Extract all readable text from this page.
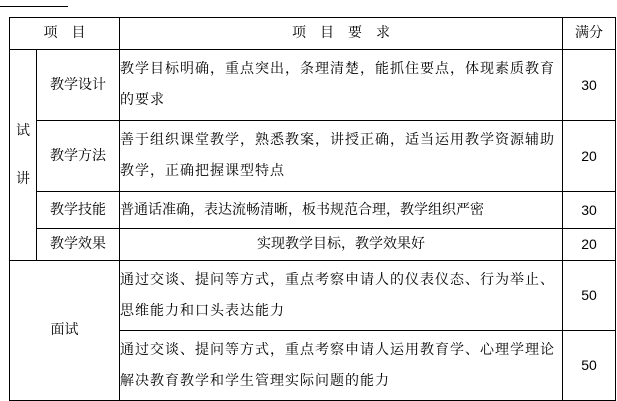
项　目		项　目　要　求	满分

试
讲	教学设计	教学目标明确，重点突出，条理清楚，能抓住要点，体现素质教育的要求	30
	教学方法	善于组织课堂教学，熟悉教案，讲授正确，适当运用教学资源辅助教学，正确把握课型特点	20
	教学技能	普通话准确，表达流畅清晰，板书规范合理，教学组织严密	30
	教学效果	实现教学目标，教学效果好	20
面试		通过交谈、提问等方式，重点考察申请人的仪表仪态、行为举止、思维能力和口头表达能力	50
		通过交谈、提问等方式，重点考察申请人运用教育学、心理学理论解决教育教学和学生管理实际问题的能力	50
